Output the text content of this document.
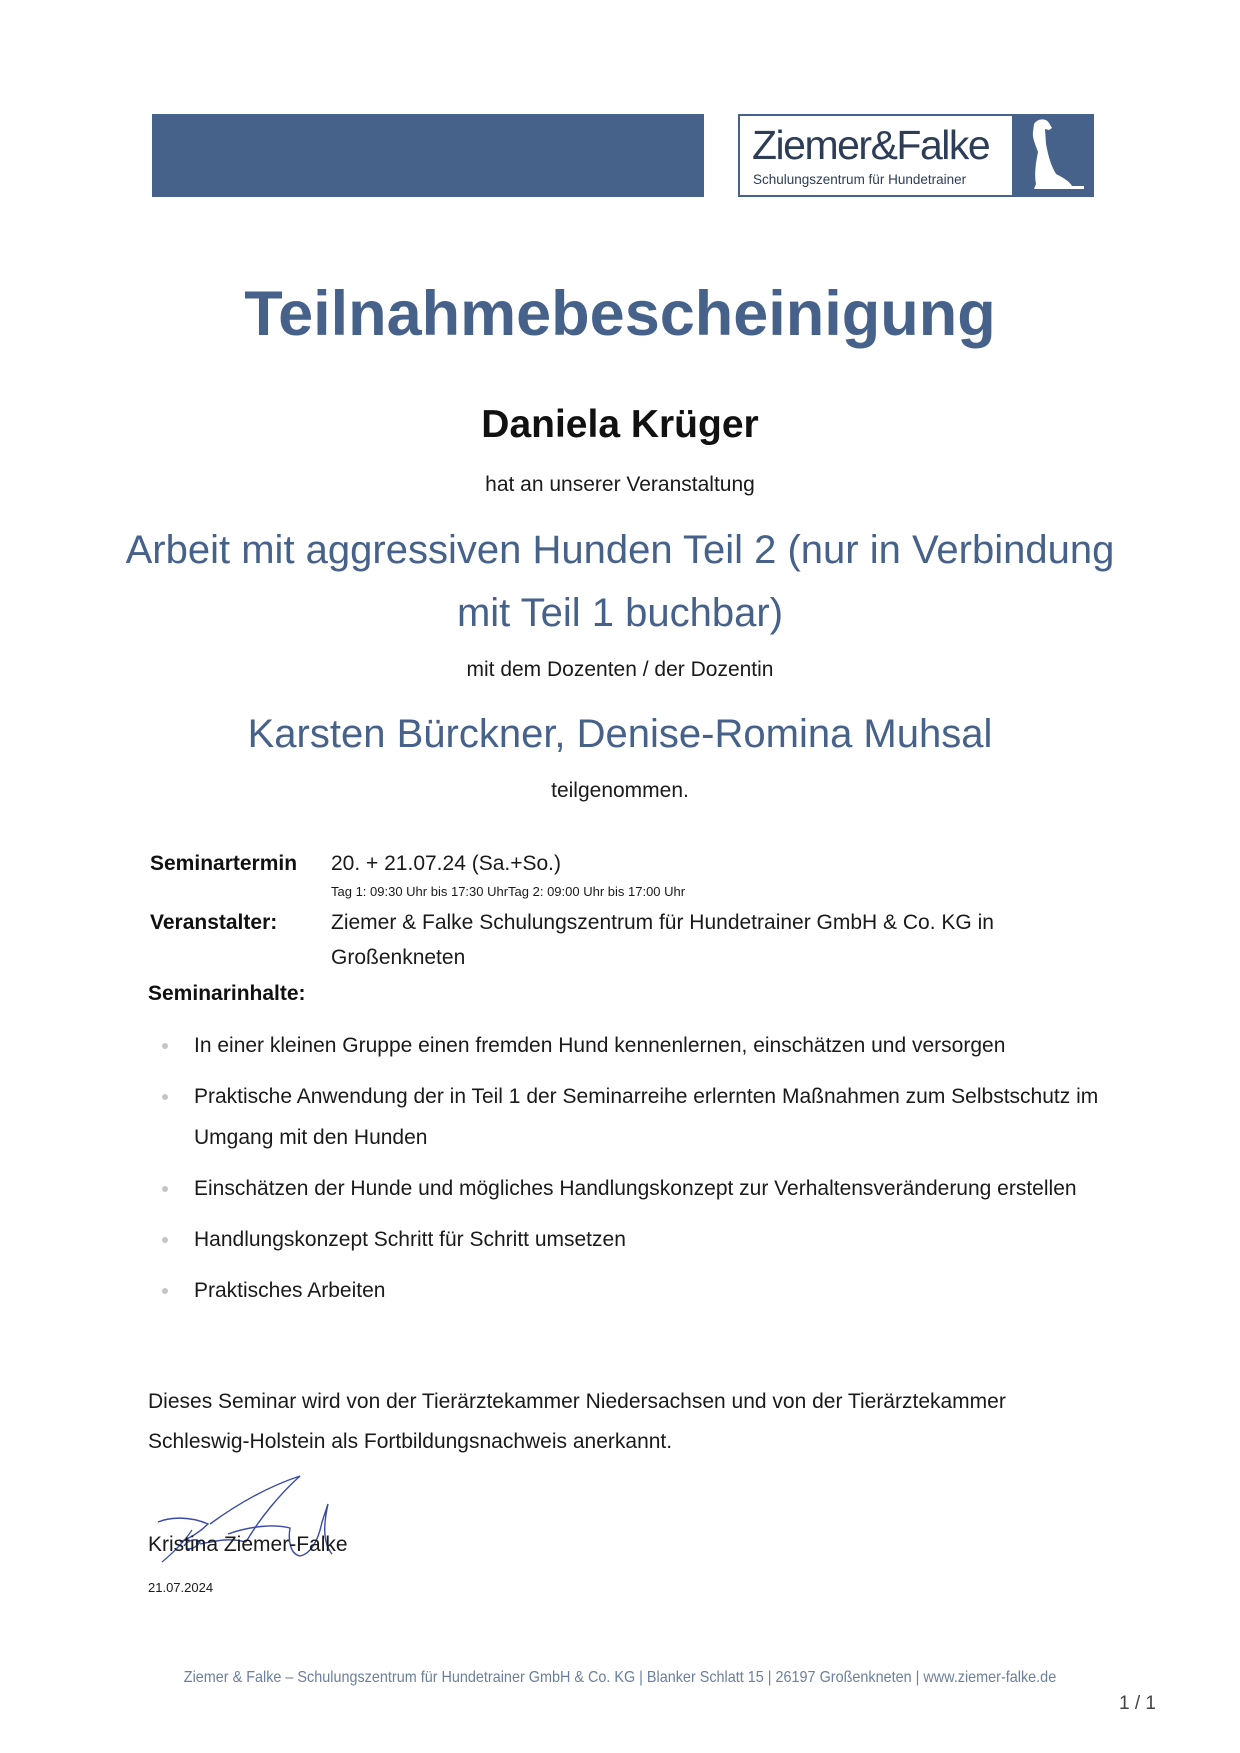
Ziemer&Falke
Schulungszentrum für Hundetrainer
Teilnahmebescheinigung
Daniela Krüger
hat an unserer Veranstaltung
Arbeit mit aggressiven Hunden Teil 2 (nur in Verbindung mit Teil 1 buchbar)
mit dem Dozenten / der Dozentin
Karsten Bürckner, Denise-Romina Muhsal
teilgenommen.
Seminartermin 20. + 21.07.24 (Sa.+So.)
Tag 1: 09:30 Uhr bis 17:30 UhrTag 2: 09:00 Uhr bis 17:00 Uhr
Veranstalter:	Ziemer & Falke Schulungszentrum für Hundetrainer GmbH & Co. KG in Großenkneten
Seminarinhalte:
In einer kleinen Gruppe einen fremden Hund kennenlernen, einschätzen und versorgen
Praktische Anwendung der in Teil 1 der Seminarreihe erlernten Maßnahmen zum Selbstschutz im Umgang mit den Hunden
Einschätzen der Hunde und mögliches Handlungskonzept zur Verhaltensveränderung erstellen
Handlungskonzept Schritt für Schritt umsetzen
Praktisches Arbeiten
Dieses Seminar wird von der Tierärztekammer Niedersachsen und von der Tierärztekammer Schleswig-Holstein als Fortbildungsnachweis anerkannt.
Kristina Ziemer-Falke
21.07.2024
Ziemer & Falke – Schulungszentrum für Hundetrainer GmbH & Co. KG | Blanker Schlatt 15 | 26197 Großenkneten | www.ziemer-falke.de
1 / 1
